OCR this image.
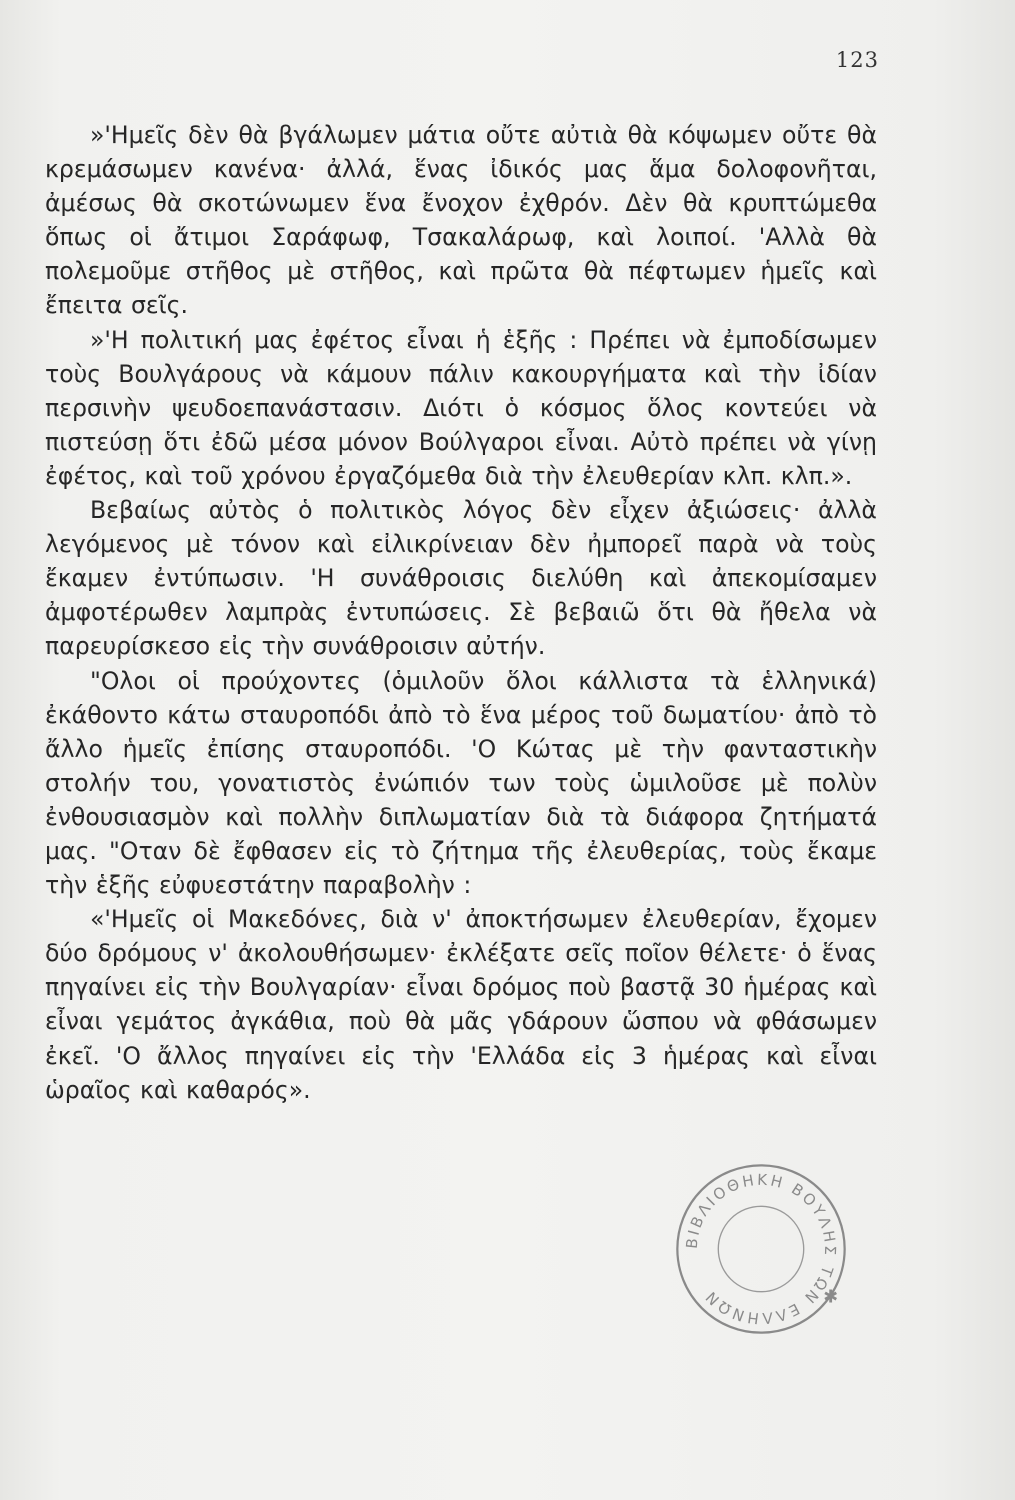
123

»'Ημεῖς δὲν θὰ βγάλωμεν μάτια οὔτε αὐτιὰ θὰ κόψωμεν οὔτε θὰ κρεμάσωμεν κανένα· ἀλλά, ἕνας ἰδικός μας ἅμα δολοφονῆται, ἀμέσως θὰ σκοτώνωμεν ἕνα ἔνοχον ἐχθρόν. Δὲν θὰ κρυπτώμεθα ὅπως οἱ ἄτιμοι Σαράφωφ, Τσακαλάρωφ, καὶ λοιποί. 'Αλλὰ θὰ πολεμοῦμε στῆθος μὲ στῆθος, καὶ πρῶτα θὰ πέφτωμεν ἡμεῖς καὶ ἔπειτα σεῖς.

»'Η πολιτική μας ἐφέτος εἶναι ἡ ἑξῆς : Πρέπει νὰ ἐμποδίσωμεν τοὺς Βουλγάρους νὰ κάμουν πάλιν κακουργήματα καὶ τὴν ἰδίαν περσινὴν ψευδοεπανάστασιν. Διότι ὁ κόσμος ὅλος κοντεύει νὰ πιστεύσῃ ὅτι ἐδῶ μέσα μόνον Βούλγαροι εἶναι. Αὐτὸ πρέπει νὰ γίνῃ ἐφέτος, καὶ τοῦ χρόνου ἐργαζόμεθα διὰ τὴν ἐλευθερίαν κλπ. κλπ.».

Βεβαίως αὐτὸς ὁ πολιτικὸς λόγος δὲν εἶχεν ἀξιώσεις· ἀλλὰ λεγόμενος μὲ τόνον καὶ εἰλικρίνειαν δὲν ἠμπορεῖ παρὰ νὰ τοὺς ἔκαμεν ἐντύπωσιν. 'Η συνάθροισις διελύθη καὶ ἀπεκομίσαμεν ἀμφοτέρωθεν λαμπρὰς ἐντυπώσεις. Σὲ βεβαιῶ ὅτι θὰ ἤθελα νὰ παρευρίσκεσο εἰς τὴν συνάθροισιν αὐτήν.

"Ολοι οἱ προύχοντες (ὁμιλοῦν ὅλοι κάλλιστα τὰ ἑλληνικά) ἐκάθοντο κάτω σταυροπόδι ἀπὸ τὸ ἕνα μέρος τοῦ δωματίου· ἀπὸ τὸ ἄλλο ἡμεῖς ἐπίσης σταυροπόδι. 'Ο Κώτας μὲ τὴν φανταστικὴν στολήν του, γονατιστὸς ἐνώπιόν των τοὺς ὡμιλοῦσε μὲ πολὺν ἐνθουσιασμὸν καὶ πολλὴν διπλωματίαν διὰ τὰ διάφορα ζητήματά μας. "Οταν δὲ ἔφθασεν εἰς τὸ ζήτημα τῆς ἐλευθερίας, τοὺς ἔκαμε τὴν ἑξῆς εὐφυεστάτην παραβολὴν :

«'Ημεῖς οἱ Μακεδόνες, διὰ ν' ἀποκτήσωμεν ἐλευθερίαν, ἔχομεν δύο δρόμους ν' ἀκολουθήσωμεν· ἐκλέξατε σεῖς ποῖον θέλετε· ὁ ἕνας πηγαίνει εἰς τὴν Βουλγαρίαν· εἶναι δρόμος ποὺ βαστᾷ 30 ἡμέρας καὶ εἶναι γεμάτος ἀγκάθια, ποὺ θὰ μᾶς γδάρουν ὥσπου νὰ φθάσωμεν ἐκεῖ. 'Ο ἄλλος πηγαίνει εἰς τὴν 'Ελλάδα εἰς 3 ἡμέρας καὶ εἶναι ὡραῖος καὶ καθαρός».

ΒΙΒΛΙΟΘΗΚΗ ΒΟΥΛΗΣ ΤΩΝ ΕΛΛΗΝΩΝ	✱
